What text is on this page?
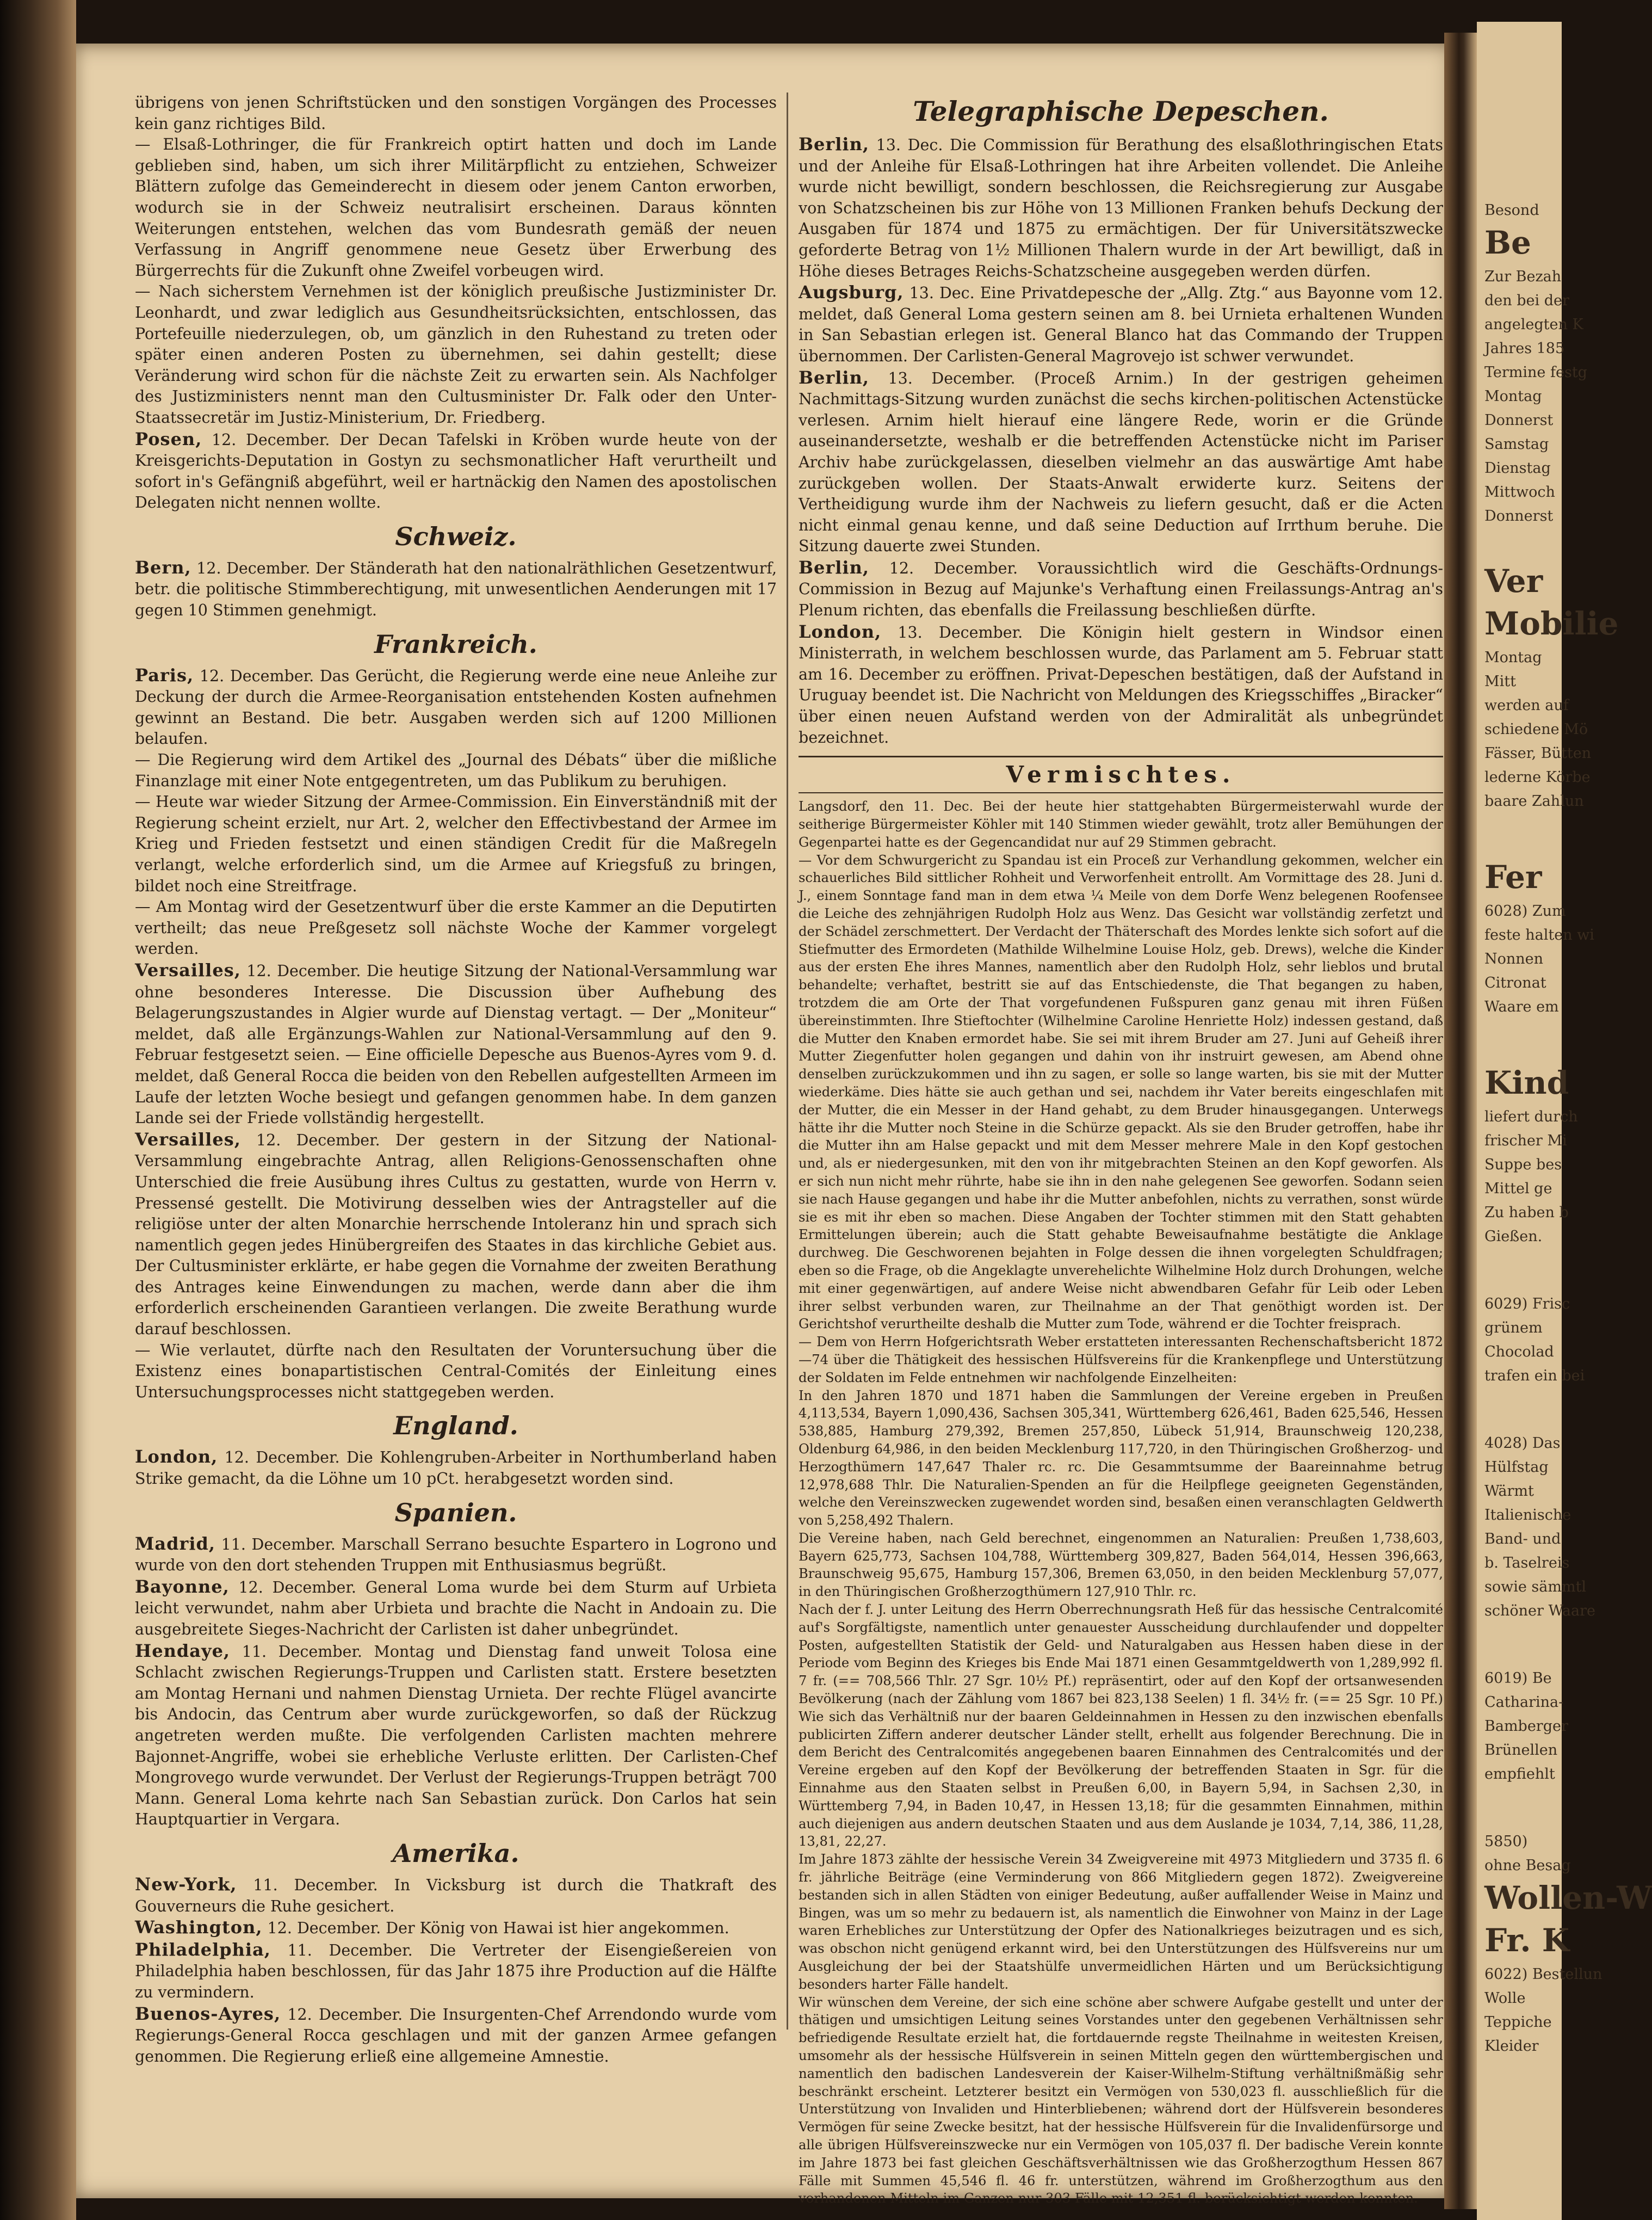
übrigens von jenen Schriftstücken und den sonstigen Vorgängen des Processes kein ganz richtiges Bild.

— Elsaß-Lothringer, die für Frankreich optirt hatten und doch im Lande geblieben sind, haben, um sich ihrer Militärpflicht zu entziehen, Schweizer Blättern zufolge das Gemeinderecht in diesem oder jenem Canton erworben, wodurch sie in der Schweiz neutralisirt erscheinen. Daraus könnten Weiterungen entstehen, welchen das vom Bundesrath gemäß der neuen Verfassung in Angriff genommene neue Gesetz über Erwerbung des Bürgerrechts für die Zukunft ohne Zweifel vorbeugen wird.

— Nach sicherstem Vernehmen ist der königlich preußische Justizminister Dr. Leonhardt, und zwar lediglich aus Gesundheitsrücksichten, entschlossen, das Portefeuille niederzulegen, ob, um gänzlich in den Ruhestand zu treten oder später einen anderen Posten zu übernehmen, sei dahin gestellt; diese Veränderung wird schon für die nächste Zeit zu erwarten sein. Als Nachfolger des Justizministers nennt man den Cultusminister Dr. Falk oder den Unter-Staatssecretär im Justiz-Ministerium, Dr. Friedberg.

Posen, 12. December. Der Decan Tafelski in Kröben wurde heute von der Kreisgerichts-Deputation in Gostyn zu sechsmonatlicher Haft verurtheilt und sofort in's Gefängniß abgeführt, weil er hartnäckig den Namen des apostolischen Delegaten nicht nennen wollte.

Schweiz.

Bern, 12. December. Der Ständerath hat den nationalräthlichen Gesetzentwurf, betr. die politische Stimmberechtigung, mit unwesentlichen Aenderungen mit 17 gegen 10 Stimmen genehmigt.

Frankreich.

Paris, 12. December. Das Gerücht, die Regierung werde eine neue Anleihe zur Deckung der durch die Armee-Reorganisation entstehenden Kosten aufnehmen gewinnt an Bestand. Die betr. Ausgaben werden sich auf 1200 Millionen belaufen.

— Die Regierung wird dem Artikel des „Journal des Débats“ über die mißliche Finanzlage mit einer Note entgegentreten, um das Publikum zu beruhigen.

— Heute war wieder Sitzung der Armee-Commission. Ein Einverständniß mit der Regierung scheint erzielt, nur Art. 2, welcher den Effectivbestand der Armee im Krieg und Frieden festsetzt und einen ständigen Credit für die Maßregeln verlangt, welche erforderlich sind, um die Armee auf Kriegsfuß zu bringen, bildet noch eine Streitfrage.

— Am Montag wird der Gesetzentwurf über die erste Kammer an die Deputirten vertheilt; das neue Preßgesetz soll nächste Woche der Kammer vorgelegt werden.

Versailles, 12. December. Die heutige Sitzung der National-Versammlung war ohne besonderes Interesse. Die Discussion über Aufhebung des Belagerungszustandes in Algier wurde auf Dienstag vertagt. — Der „Moniteur“ meldet, daß alle Ergänzungs-Wahlen zur National-Versammlung auf den 9. Februar festgesetzt seien. — Eine officielle Depesche aus Buenos-Ayres vom 9. d. meldet, daß General Rocca die beiden von den Rebellen aufgestellten Armeen im Laufe der letzten Woche besiegt und gefangen genommen habe. In dem ganzen Lande sei der Friede vollständig hergestellt.

Versailles, 12. December. Der gestern in der Sitzung der National-Versammlung eingebrachte Antrag, allen Religions-Genossenschaften ohne Unterschied die freie Ausübung ihres Cultus zu gestatten, wurde von Herrn v. Pressensé gestellt. Die Motivirung desselben wies der Antragsteller auf die religiöse unter der alten Monarchie herrschende Intoleranz hin und sprach sich namentlich gegen jedes Hinübergreifen des Staates in das kirchliche Gebiet aus. Der Cultusminister erklärte, er habe gegen die Vornahme der zweiten Berathung des Antrages keine Einwendungen zu machen, werde dann aber die ihm erforderlich erscheinenden Garantieen verlangen. Die zweite Berathung wurde darauf beschlossen.

— Wie verlautet, dürfte nach den Resultaten der Voruntersuchung über die Existenz eines bonapartistischen Central-Comités der Einleitung eines Untersuchungsprocesses nicht stattgegeben werden.

England.

London, 12. December. Die Kohlengruben-Arbeiter in Northumberland haben Strike gemacht, da die Löhne um 10 pCt. herabgesetzt worden sind.

Spanien.

Madrid, 11. December. Marschall Serrano besuchte Espartero in Logrono und wurde von den dort stehenden Truppen mit Enthusiasmus begrüßt.

Bayonne, 12. December. General Loma wurde bei dem Sturm auf Urbieta leicht verwundet, nahm aber Urbieta und brachte die Nacht in Andoain zu. Die ausgebreitete Sieges-Nachricht der Carlisten ist daher unbegründet.

Hendaye, 11. December. Montag und Dienstag fand unweit Tolosa eine Schlacht zwischen Regierungs-Truppen und Carlisten statt. Erstere besetzten am Montag Hernani und nahmen Dienstag Urnieta. Der rechte Flügel avancirte bis Andocin, das Centrum aber wurde zurückgeworfen, so daß der Rückzug angetreten werden mußte. Die verfolgenden Carlisten machten mehrere Bajonnet-Angriffe, wobei sie erhebliche Verluste erlitten. Der Carlisten-Chef Mongrovego wurde verwundet. Der Verlust der Regierungs-Truppen beträgt 700 Mann. General Loma kehrte nach San Sebastian zurück. Don Carlos hat sein Hauptquartier in Vergara.

Amerika.

New-York, 11. December. In Vicksburg ist durch die Thatkraft des Gouverneurs die Ruhe gesichert.

Washington, 12. December. Der König von Hawai ist hier angekommen.

Philadelphia, 11. December. Die Vertreter der Eisengießereien von Philadelphia haben beschlossen, für das Jahr 1875 ihre Production auf die Hälfte zu vermindern.

Buenos-Ayres, 12. December. Die Insurgenten-Chef Arrendondo wurde vom Regierungs-General Rocca geschlagen und mit der ganzen Armee gefangen genommen. Die Regierung erließ eine allgemeine Amnestie.

Telegraphische Depeschen.

Berlin, 13. Dec. Die Commission für Berathung des elsaßlothringischen Etats und der Anleihe für Elsaß-Lothringen hat ihre Arbeiten vollendet. Die Anleihe wurde nicht bewilligt, sondern beschlossen, die Reichsregierung zur Ausgabe von Schatzscheinen bis zur Höhe von 13 Millionen Franken behufs Deckung der Ausgaben für 1874 und 1875 zu ermächtigen. Der für Universitätszwecke geforderte Betrag von 1½ Millionen Thalern wurde in der Art bewilligt, daß in Höhe dieses Betrages Reichs-Schatzscheine ausgegeben werden dürfen.

Augsburg, 13. Dec. Eine Privatdepesche der „Allg. Ztg.“ aus Bayonne vom 12. meldet, daß General Loma gestern seinen am 8. bei Urnieta erhaltenen Wunden in San Sebastian erlegen ist. General Blanco hat das Commando der Truppen übernommen. Der Carlisten-General Magrovejo ist schwer verwundet.

Berlin, 13. December. (Proceß Arnim.) In der gestrigen geheimen Nachmittags-Sitzung wurden zunächst die sechs kirchen-politischen Actenstücke verlesen. Arnim hielt hierauf eine längere Rede, worin er die Gründe auseinandersetzte, weshalb er die betreffenden Actenstücke nicht im Pariser Archiv habe zurückgelassen, dieselben vielmehr an das auswärtige Amt habe zurückgeben wollen. Der Staats-Anwalt erwiderte kurz. Seitens der Vertheidigung wurde ihm der Nachweis zu liefern gesucht, daß er die Acten nicht einmal genau kenne, und daß seine Deduction auf Irrthum beruhe. Die Sitzung dauerte zwei Stunden.

Berlin, 12. December. Voraussichtlich wird die Geschäfts-Ordnungs-Commission in Bezug auf Majunke's Verhaftung einen Freilassungs-Antrag an's Plenum richten, das ebenfalls die Freilassung beschließen dürfte.

London, 13. December. Die Königin hielt gestern in Windsor einen Ministerrath, in welchem beschlossen wurde, das Parlament am 5. Februar statt am 16. December zu eröffnen. Privat-Depeschen bestätigen, daß der Aufstand in Uruguay beendet ist. Die Nachricht von Meldungen des Kriegsschiffes „Biracker“ über einen neuen Aufstand werden von der Admiralität als unbegründet bezeichnet.

Vermischtes.

Langsdorf, den 11. Dec. Bei der heute hier stattgehabten Bürgermeisterwahl wurde der seitherige Bürgermeister Köhler mit 140 Stimmen wieder gewählt, trotz aller Bemühungen der Gegenpartei hatte es der Gegencandidat nur auf 29 Stimmen gebracht.

— Vor dem Schwurgericht zu Spandau ist ein Proceß zur Verhandlung gekommen, welcher ein schauerliches Bild sittlicher Rohheit und Verworfenheit entrollt. Am Vormittage des 28. Juni d. J., einem Sonntage fand man in dem etwa ¼ Meile von dem Dorfe Wenz belegenen Roofensee die Leiche des zehnjährigen Rudolph Holz aus Wenz. Das Gesicht war vollständig zerfetzt und der Schädel zerschmettert. Der Verdacht der Thäterschaft des Mordes lenkte sich sofort auf die Stiefmutter des Ermordeten (Mathilde Wilhelmine Louise Holz, geb. Drews), welche die Kinder aus der ersten Ehe ihres Mannes, namentlich aber den Rudolph Holz, sehr lieblos und brutal behandelte; verhaftet, bestritt sie auf das Entschiedenste, die That begangen zu haben, trotzdem die am Orte der That vorgefundenen Fußspuren ganz genau mit ihren Füßen übereinstimmten. Ihre Stieftochter (Wilhelmine Caroline Henriette Holz) indessen gestand, daß die Mutter den Knaben ermordet habe. Sie sei mit ihrem Bruder am 27. Juni auf Geheiß ihrer Mutter Ziegenfutter holen gegangen und dahin von ihr instruirt gewesen, am Abend ohne denselben zurückzukommen und ihn zu sagen, er solle so lange warten, bis sie mit der Mutter wiederkäme. Dies hätte sie auch gethan und sei, nachdem ihr Vater bereits eingeschlafen mit der Mutter, die ein Messer in der Hand gehabt, zu dem Bruder hinausgegangen. Unterwegs hätte ihr die Mutter noch Steine in die Schürze gepackt. Als sie den Bruder getroffen, habe ihr die Mutter ihn am Halse gepackt und mit dem Messer mehrere Male in den Kopf gestochen und, als er niedergesunken, mit den von ihr mitgebrachten Steinen an den Kopf geworfen. Als er sich nun nicht mehr rührte, habe sie ihn in den nahe gelegenen See geworfen. Sodann seien sie nach Hause gegangen und habe ihr die Mutter anbefohlen, nichts zu verrathen, sonst würde sie es mit ihr eben so machen. Diese Angaben der Tochter stimmen mit den Statt gehabten Ermittelungen überein; auch die Statt gehabte Beweisaufnahme bestätigte die Anklage durchweg. Die Geschworenen bejahten in Folge dessen die ihnen vorgelegten Schuldfragen; eben so die Frage, ob die Angeklagte unverehelichte Wilhelmine Holz durch Drohungen, welche mit einer gegenwärtigen, auf andere Weise nicht abwendbaren Gefahr für Leib oder Leben ihrer selbst verbunden waren, zur Theilnahme an der That genöthigt worden ist. Der Gerichtshof verurtheilte deshalb die Mutter zum Tode, während er die Tochter freisprach.

— Dem von Herrn Hofgerichtsrath Weber erstatteten interessanten Rechenschaftsbericht 1872—74 über die Thätigkeit des hessischen Hülfsvereins für die Krankenpflege und Unterstützung der Soldaten im Felde entnehmen wir nachfolgende Einzelheiten:

In den Jahren 1870 und 1871 haben die Sammlungen der Vereine ergeben in Preußen 4,113,534, Bayern 1,090,436, Sachsen 305,341, Württemberg 626,461, Baden 625,546, Hessen 538,885, Hamburg 279,392, Bremen 257,850, Lübeck 51,914, Braunschweig 120,238, Oldenburg 64,986, in den beiden Mecklenburg 117,720, in den Thüringischen Großherzog- und Herzogthümern 147,647 Thaler rc. rc. Die Gesammtsumme der Baareinnahme betrug 12,978,688 Thlr. Die Naturalien-Spenden an für die Heilpflege geeigneten Gegenständen, welche den Vereinszwecken zugewendet worden sind, besaßen einen veranschlagten Geldwerth von 5,258,492 Thalern.

Die Vereine haben, nach Geld berechnet, eingenommen an Naturalien: Preußen 1,738,603, Bayern 625,773, Sachsen 104,788, Württemberg 309,827, Baden 564,014, Hessen 396,663, Braunschweig 95,675, Hamburg 157,306, Bremen 63,050, in den beiden Mecklenburg 57,077, in den Thüringischen Großherzogthümern 127,910 Thlr. rc.

Nach der f. J. unter Leitung des Herrn Oberrechnungsrath Heß für das hessische Centralcomité auf's Sorgfältigste, namentlich unter genauester Ausscheidung durchlaufender und doppelter Posten, aufgestellten Statistik der Geld- und Naturalgaben aus Hessen haben diese in der Periode vom Beginn des Krieges bis Ende Mai 1871 einen Gesammtgeldwerth von 1,289,992 fl. 7 fr. (== 708,566 Thlr. 27 Sgr. 10½ Pf.) repräsentirt, oder auf den Kopf der ortsanwesenden Bevölkerung (nach der Zählung vom 1867 bei 823,138 Seelen) 1 fl. 34½ fr. (== 25 Sgr. 10 Pf.) Wie sich das Verhältniß nur der baaren Geldeinnahmen in Hessen zu den inzwischen ebenfalls publicirten Ziffern anderer deutscher Länder stellt, erhellt aus folgender Berechnung. Die in dem Bericht des Centralcomités angegebenen baaren Einnahmen des Centralcomités und der Vereine ergeben auf den Kopf der Bevölkerung der betreffenden Staaten in Sgr. für die Einnahme aus den Staaten selbst in Preußen 6,00, in Bayern 5,94, in Sachsen 2,30, in Württemberg 7,94, in Baden 10,47, in Hessen 13,18; für die gesammten Einnahmen, mithin auch diejenigen aus andern deutschen Staaten und aus dem Auslande je 1034, 7,14, 386, 11,28, 13,81, 22,27.

Im Jahre 1873 zählte der hessische Verein 34 Zweigvereine mit 4973 Mitgliedern und 3735 fl. 6 fr. jährliche Beiträge (eine Verminderung von 866 Mitgliedern gegen 1872). Zweigvereine bestanden sich in allen Städten von einiger Bedeutung, außer auffallender Weise in Mainz und Bingen, was um so mehr zu bedauern ist, als namentlich die Einwohner von Mainz in der Lage waren Erhebliches zur Unterstützung der Opfer des Nationalkrieges beizutragen und es sich, was obschon nicht genügend erkannt wird, bei den Unterstützungen des Hülfsvereins nur um Ausgleichung der bei der Staatshülfe unvermeidlichen Härten und um Berücksichtigung besonders harter Fälle handelt.

Wir wünschen dem Vereine, der sich eine schöne aber schwere Aufgabe gestellt und unter der thätigen und umsichtigen Leitung seines Vorstandes unter den gegebenen Verhältnissen sehr befriedigende Resultate erzielt hat, die fortdauernde regste Theilnahme in weitesten Kreisen, umsomehr als der hessische Hülfsverein in seinen Mitteln gegen den württembergischen und namentlich den badischen Landesverein der Kaiser-Wilhelm-Stiftung verhältnißmäßig sehr beschränkt erscheint. Letzterer besitzt ein Vermögen von 530,023 fl. ausschließlich für die Unterstützung von Invaliden und Hinterbliebenen; während dort der Hülfsverein besonderes Vermögen für seine Zwecke besitzt, hat der hessische Hülfsverein für die Invalidenfürsorge und alle übrigen Hülfsvereinszwecke nur ein Vermögen von 105,037 fl. Der badische Verein konnte im Jahre 1873 bei fast gleichen Geschäftsverhältnissen wie das Großherzogthum Hessen 867 Fälle mit Summen 45,546 fl. 46 fr. unterstützen, während im Großherzogthum aus den vorhandenen Mitteln im Ganzen nur 303 Fälle mit 12,351 fl. berücksichtigt werden konnten.

Besond
Be
Zur Bezah
den bei der
angelegten K
Jahres 185
Termine festg
Montag
Donnerst
Samstag
Dienstag
Mittwoch
Donnerst
Ver
Mobilie
Montag
Mitt
werden auf
schiedene Mö
Fässer, Bütten
lederne Körbe
baare Zahlun
Fer
6028) Zum
feste halten wi
Nonnen
Citronat
Waare em
Kind
liefert durch
frischer Mi
Suppe bes
Mittel ge
Zu haben b
Gießen.
6029) Frisc
grünem
Chocolad
trafen ein bei
4028) Das
Hülfstag
Wärmt
Italienische
Band- und
b. Taselreis
sowie sämmtl
schöner Waare
6019) Be
Catharina-
Bamberger
Brünellen
empfiehlt
5850)
ohne Besag
Wollen-W
Fr. K
6022) Bestellun
Wolle
Teppiche
Kleider
